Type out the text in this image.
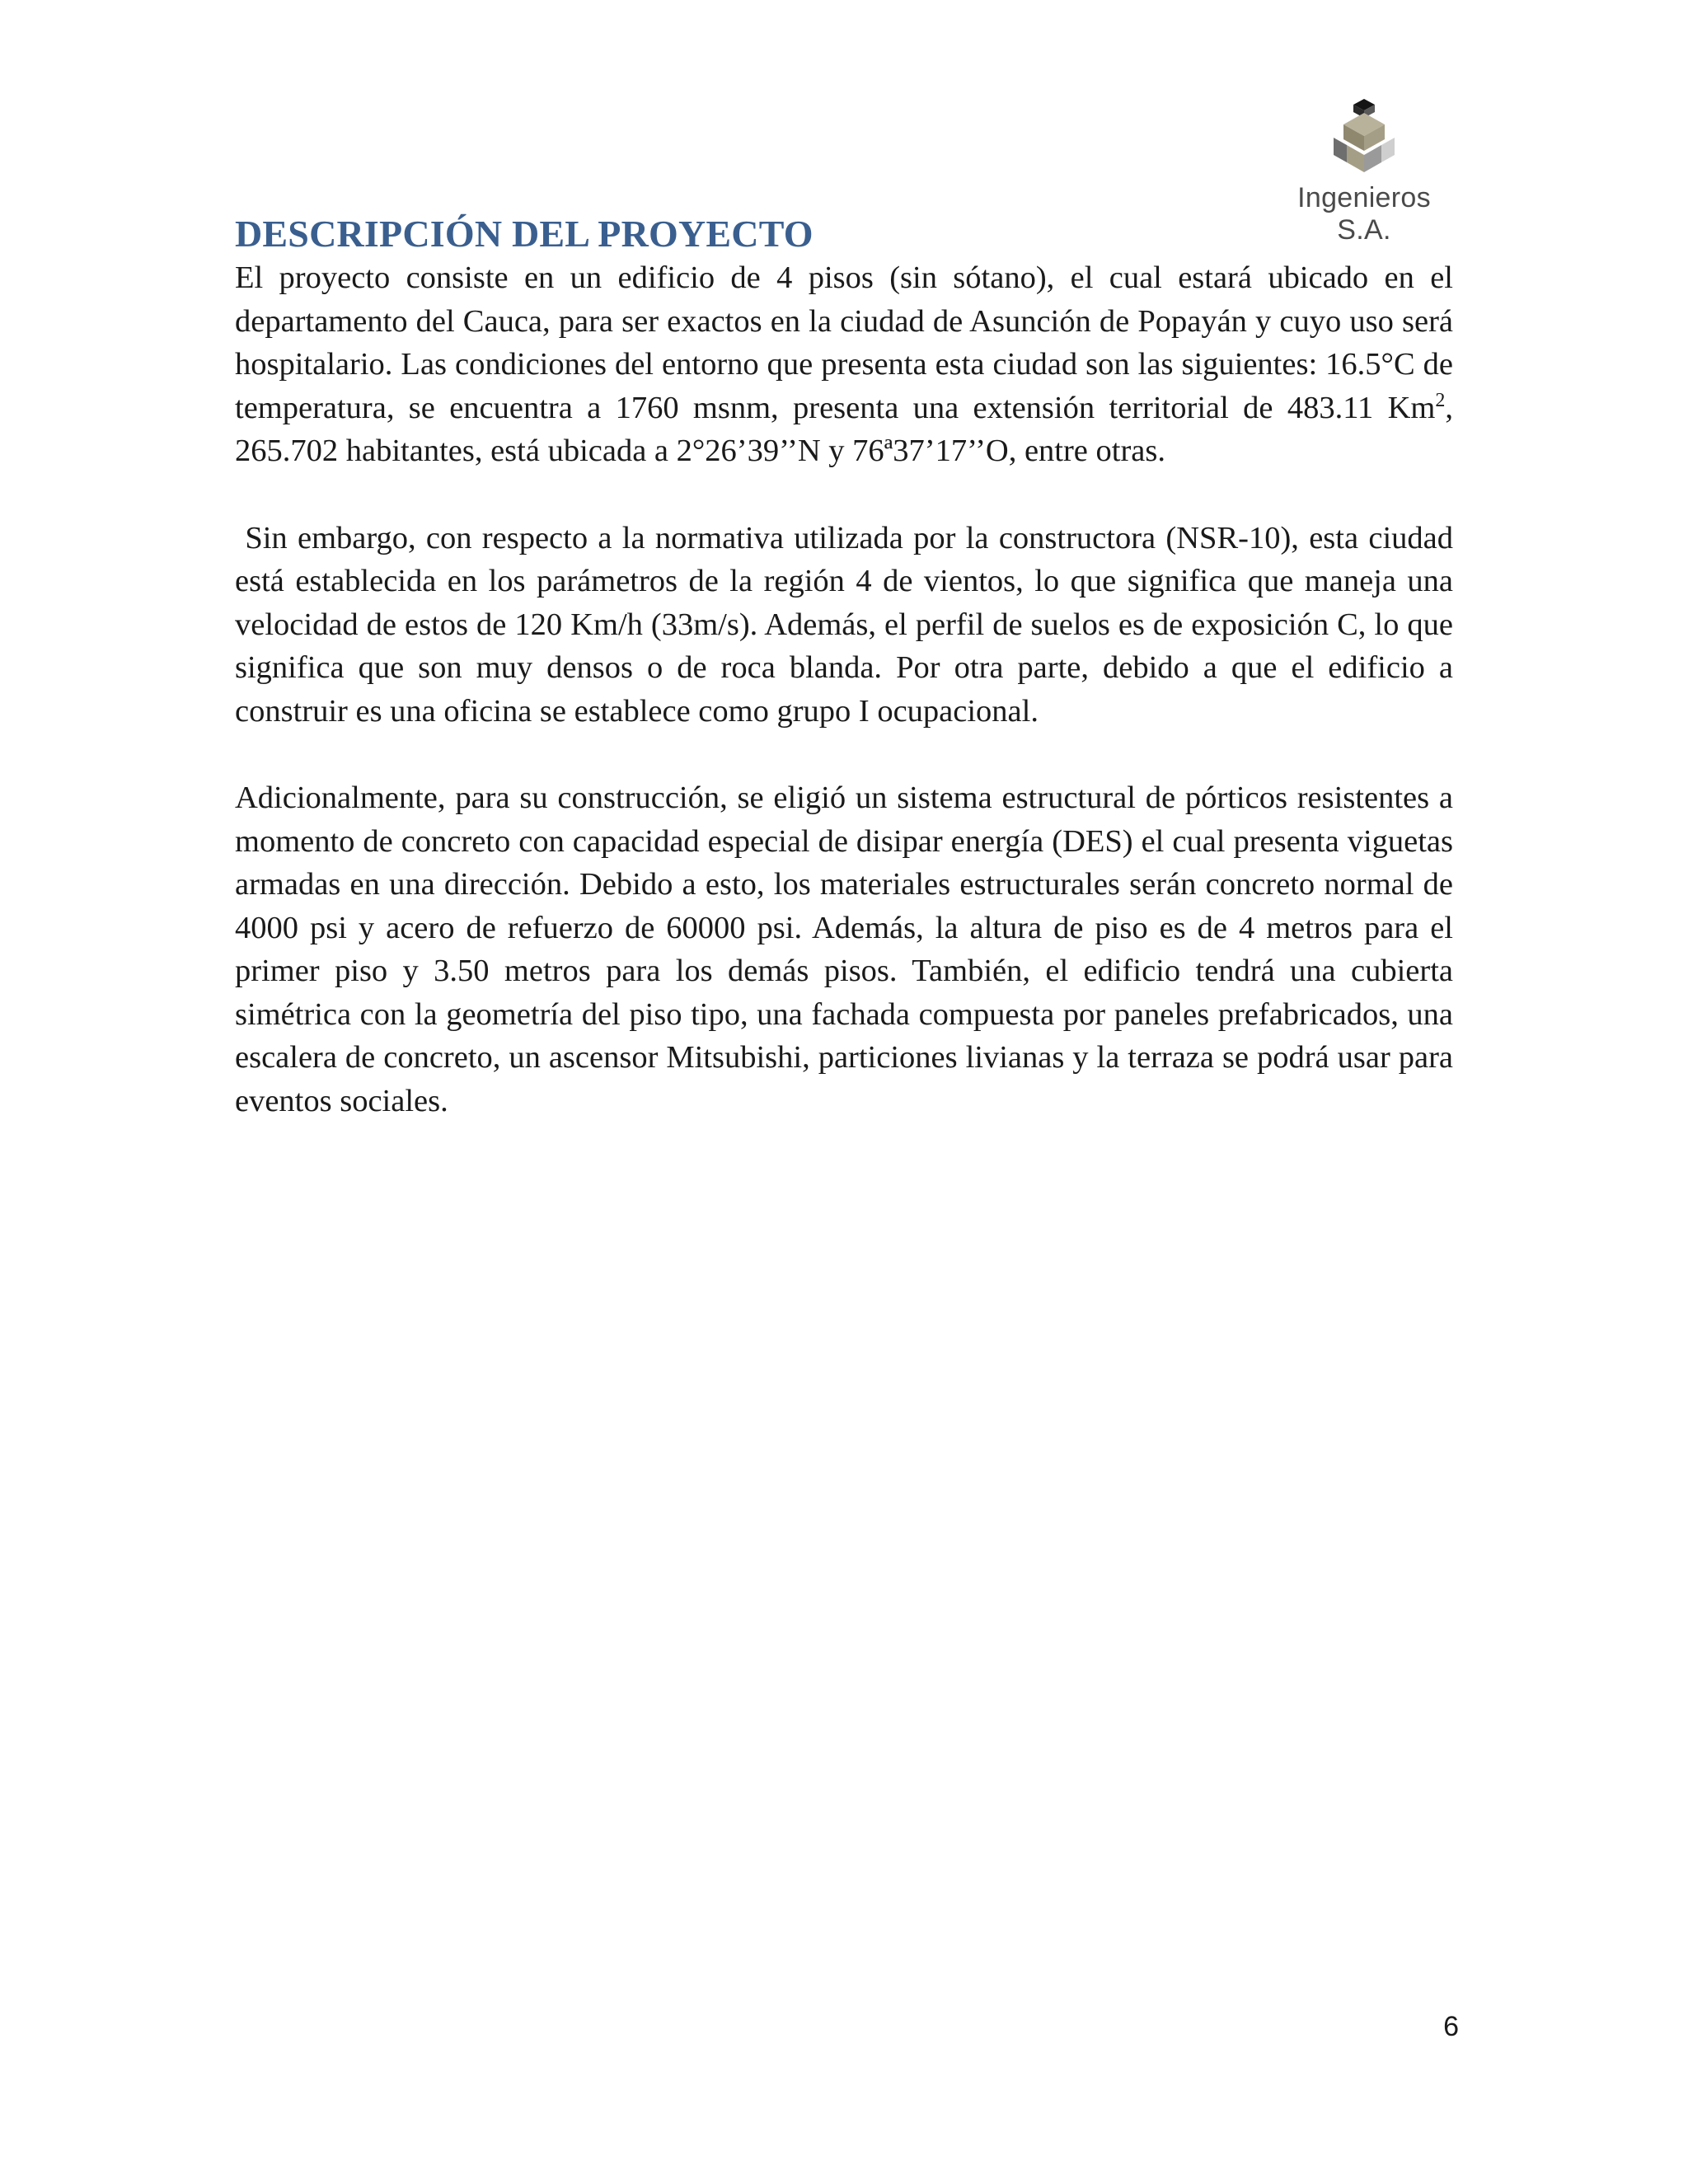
Ingenieros S.A.
DESCRIPCIÓN DEL PROYECTO

El proyecto consiste en un edificio de 4 pisos (sin sótano), el cual estará ubicado en el departamento del Cauca, para ser exactos en la ciudad de Asunción de Popayán y cuyo uso será hospitalario. Las condiciones del entorno que presenta esta ciudad son las siguientes: 16.5°C de temperatura, se encuentra a 1760 msnm, presenta una extensión territorial de 483.11 Km$^2$, 265.702 habitantes, está ubicada a 2°26’39’’N y 76ª37’17’’O, entre otras.

Sin embargo, con respecto a la normativa utilizada por la constructora (NSR-10), esta ciudad está establecida en los parámetros de la región 4 de vientos, lo que significa que maneja una velocidad de estos de 120 Km/h (33m/s). Además, el perfil de suelos es de exposición C, lo que significa que son muy densos o de roca blanda. Por otra parte, debido a que el edificio a construir es una oficina se establece como grupo I ocupacional.

Adicionalmente, para su construcción, se eligió un sistema estructural de pórticos resistentes a momento de concreto con capacidad especial de disipar energía (DES) el cual presenta viguetas armadas en una dirección. Debido a esto, los materiales estructurales serán concreto normal de 4000 psi y acero de refuerzo de 60000 psi. Además, la altura de piso es de 4 metros para el primer piso y 3.50 metros para los demás pisos. También, el edificio tendrá una cubierta simétrica con la geometría del piso tipo, una fachada compuesta por paneles prefabricados, una escalera de concreto, un ascensor Mitsubishi, particiones livianas y la terraza se podrá usar para eventos sociales.

6
